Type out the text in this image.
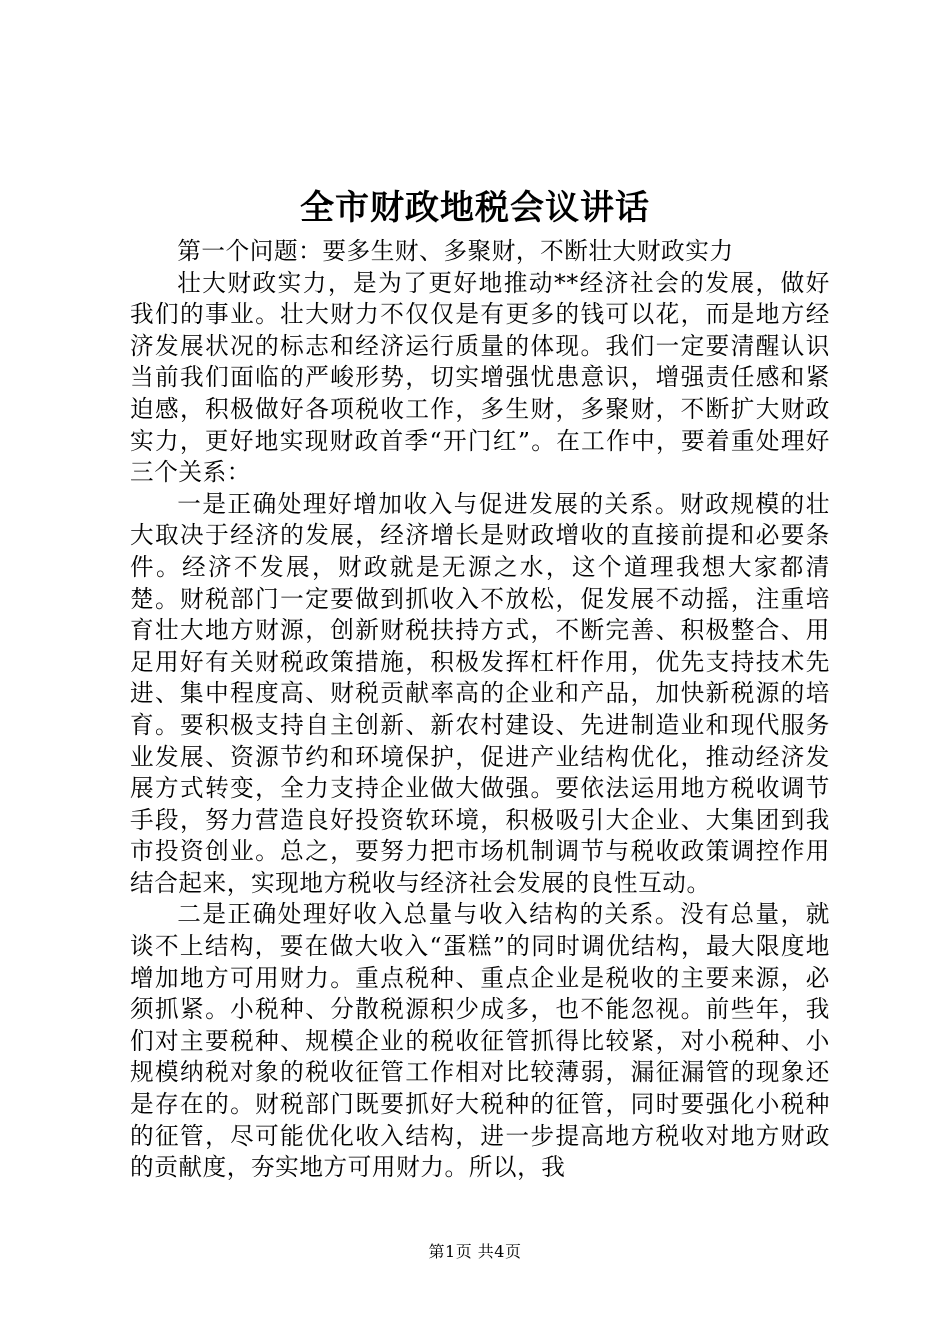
全市财政地税会议讲话

第一个问题：要多生财、多聚财，不断壮大财政实力

壮大财政实力，是为了更好地推动**经济社会的发展，做好我们的事业。壮大财力不仅仅是有更多的钱可以花，而是地方经济发展状况的标志和经济运行质量的体现。我们一定要清醒认识当前我们面临的严峻形势，切实增强忧患意识，增强责任感和紧迫感，积极做好各项税收工作，多生财，多聚财，不断扩大财政实力，更好地实现财政首季“开门红”。在工作中，要着重处理好三个关系：

一是正确处理好增加收入与促进发展的关系。财政规模的壮大取决于经济的发展，经济增长是财政增收的直接前提和必要条件。经济不发展，财政就是无源之水，这个道理我想大家都清楚。财税部门一定要做到抓收入不放松，促发展不动摇，注重培育壮大地方财源，创新财税扶持方式，不断完善、积极整合、用足用好有关财税政策措施，积极发挥杠杆作用，优先支持技术先进、集中程度高、财税贡献率高的企业和产品，加快新税源的培育。要积极支持自主创新、新农村建设、先进制造业和现代服务业发展、资源节约和环境保护，促进产业结构优化，推动经济发展方式转变，全力支持企业做大做强。要依法运用地方税收调节手段，努力营造良好投资软环境，积极吸引大企业、大集团到我市投资创业。总之，要努力把市场机制调节与税收政策调控作用结合起来，实现地方税收与经济社会发展的良性互动。

二是正确处理好收入总量与收入结构的关系。没有总量，就谈不上结构，要在做大收入“蛋糕”的同时调优结构，最大限度地增加地方可用财力。重点税种、重点企业是税收的主要来源，必须抓紧。小税种、分散税源积少成多，也不能忽视。前些年，我们对主要税种、规模企业的税收征管抓得比较紧，对小税种、小规模纳税对象的税收征管工作相对比较薄弱，漏征漏管的现象还是存在的。财税部门既要抓好大税种的征管，同时要强化小税种的征管，尽可能优化收入结构，进一步提高地方税收对地方财政的贡献度，夯实地方可用财力。所以，我

第1页 共4页
